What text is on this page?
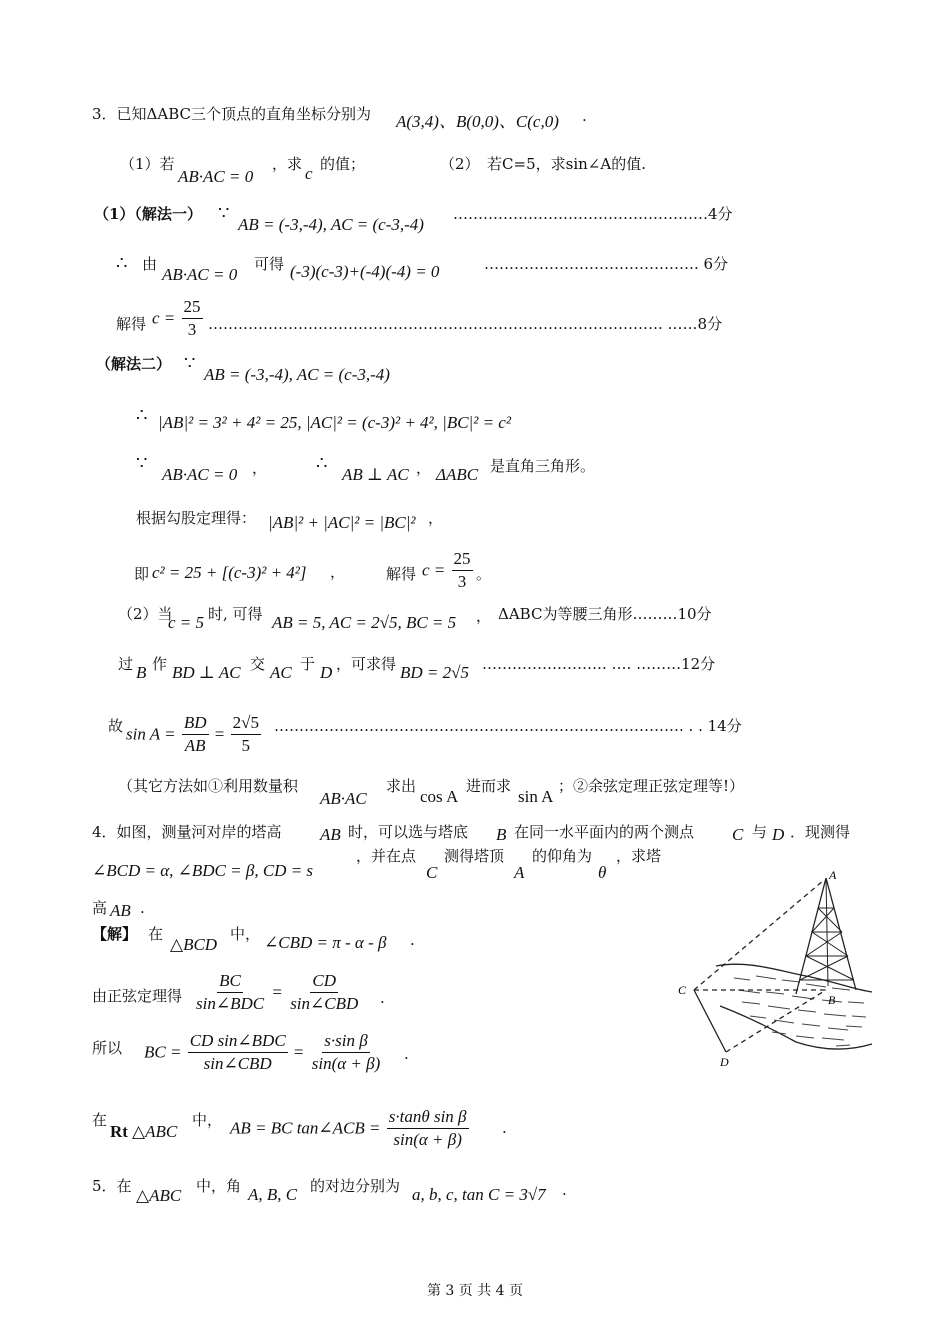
3．已知ΔABC三个顶点的直角坐标分别为 A(3,4)、B(0,0)、C(c,0) .
（1）若
AB·AC = 0
，求 c 的值；	（2）　若C=5，求sin∠A的值.
（1）（解法一） ∵
AB = (-3,-4), AC = (c-3,-4)
……………………………………………4分
∴ 由
AB·AC = 0
可得 (-3)(c-3)+(-4)(-4) = 0	……………………………………. 6分
解得 $c = \frac{25}{3}$ ………………………………………………………………………………. ……8分
（解法二） ∵
AB = (-3,-4), AC = (c-3,-4)
∴ |AB|² = 3² + 4² = 25, |AC|² = (c-3)² + 4², |BC|² = c²
∵
AB·AC = 0 ，	∴
AB ⊥ AC ， ΔABC 是直角三角形。
根据勾股定理得： |AB|² + |AC|² = |BC|² ，
即 c² = 25 + [(c-3)² + 4²] ，	解得 $c = \frac{25}{3}$ 。
（2）当
c = 5 时, 可得 AB = 5, AC = 2√5, BC = 5 ， ΔABC为等腰三角形………10分
过 B 作 BD ⊥ AC 交 AC 于 D ，可求得 BD = 2√5 ……………………. …. ………12分
故 $\sin A = \frac{BD}{AB} = \frac{2√5}{5}$ ………………………………………………………………………. . . 14分
（其它方法如①利用数量积
AB·AC
求出
cos A
进而求
sin A
；②余弦定理正弦定理等!）
4．如图，测量河对岸的塔高 AB 时，可以选与塔底 B 在同一水平面内的两个测点 C 与 D ．现测得
∠BCD = α, ∠BDC = β, CD = s
，并在点
C
测得塔顶
A
的仰角为
θ
，求塔
高 AB .
【解】 在
△BCD
中， ∠CBD = π - α - β .
由正弦定理得 $\frac{BC}{\text{sin∠BDC}} = \frac{CD}{\text{sin∠CBD}}$ .
所以 BC = $\frac{\text{CD sin∠BDC}}{\text{sin∠CBD}} = \frac{\text{s·sin β}}{\sin(\alpha + \beta)}$ .
在
Rt △ABC
中， AB = BC tan∠ACB = $\frac{\text{s·tanθ sin β}}{\sin(\alpha + \beta)}$ .
A
B
C
D
5．在 △ABC 中，角 A, B, C 的对边分别为 a, b, c, tan C = 3√7 .
第 3 页 共 4 页
